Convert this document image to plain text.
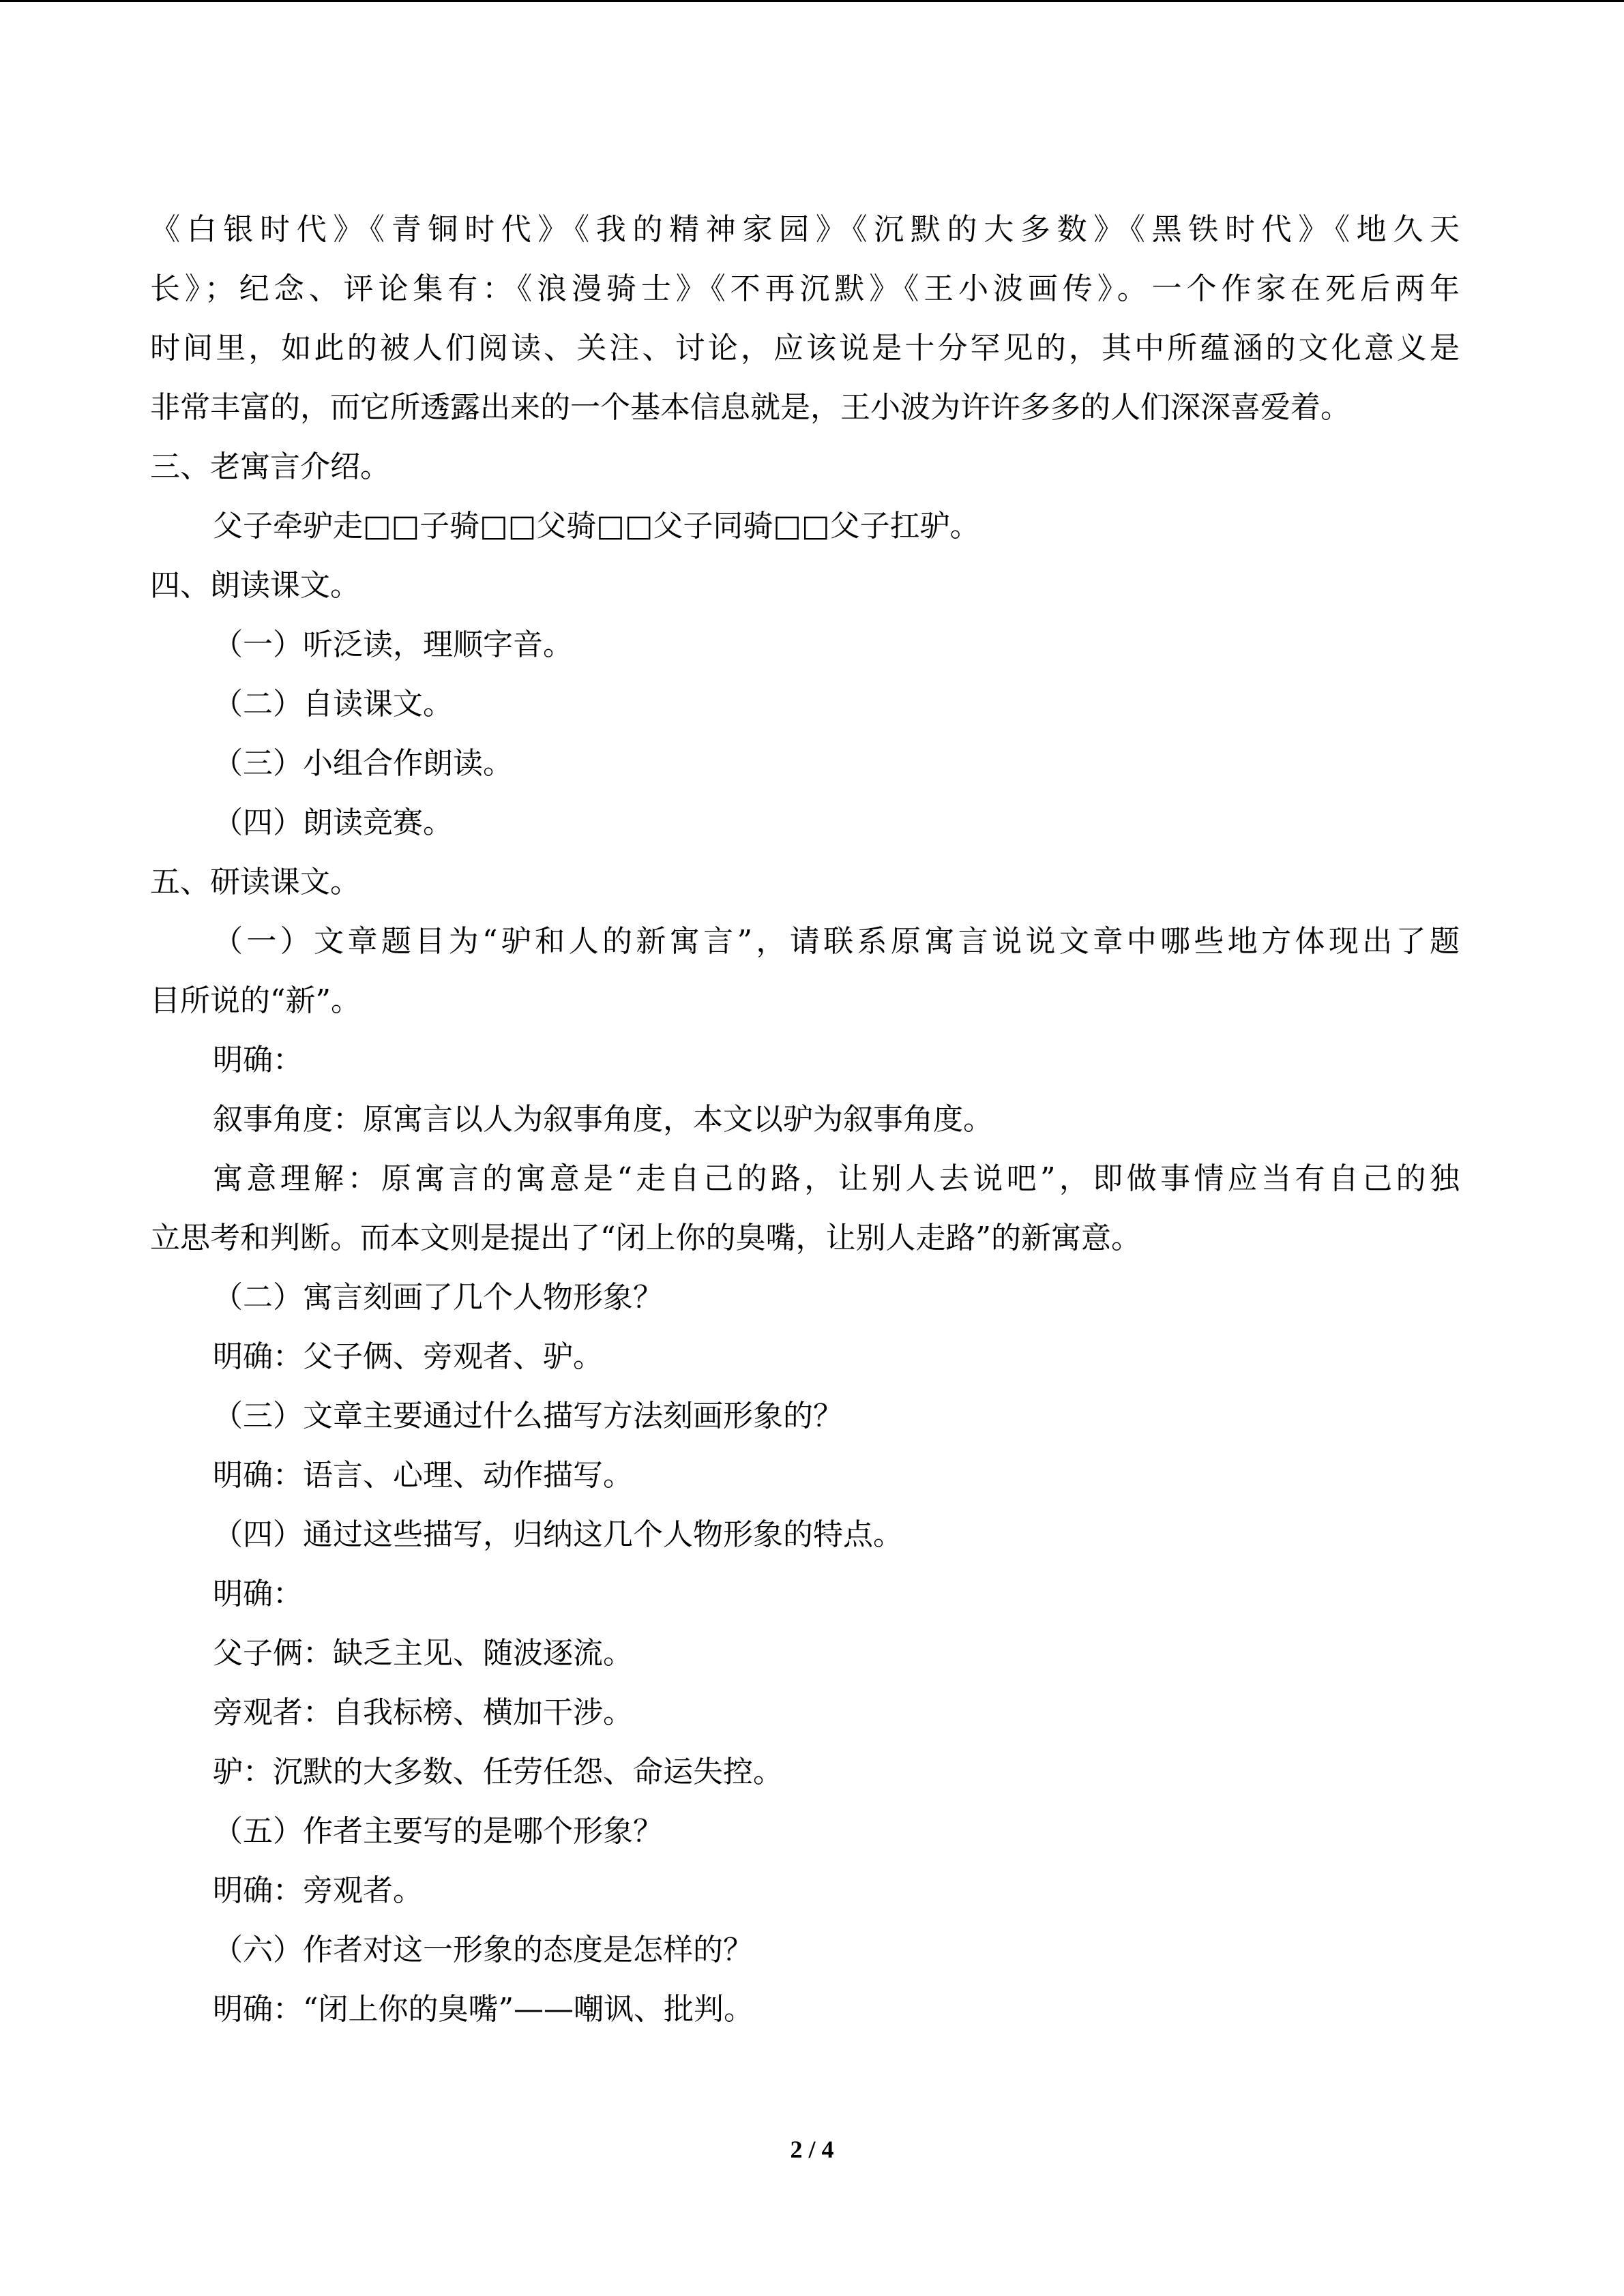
《白银时代》《青铜时代》《我的精神家园》《沉默的大多数》《黑铁时代》《地久天
长》；纪念、评论集有：《浪漫骑士》《不再沉默》《王小波画传》。一个作家在死后两年
时间里，如此的被人们阅读、关注、讨论，应该说是十分罕见的，其中所蕴涵的文化意义是
非常丰富的，而它所透露出来的一个基本信息就是，王小波为许许多多的人们深深喜爱着。
三、老寓言介绍。
父子牵驴走□□子骑□□父骑□□父子同骑□□父子扛驴。
四、朗读课文。
（一）听泛读，理顺字音。
（二）自读课文。
（三）小组合作朗读。
（四）朗读竞赛。
五、研读课文。
（一）文章题目为“驴和人的新寓言”，请联系原寓言说说文章中哪些地方体现出了题
目所说的“新”。
明确：
叙事角度：原寓言以人为叙事角度，本文以驴为叙事角度。
寓意理解：原寓言的寓意是“走自己的路，让别人去说吧”，即做事情应当有自己的独
立思考和判断。而本文则是提出了“闭上你的臭嘴，让别人走路”的新寓意。
（二）寓言刻画了几个人物形象？
明确：父子俩、旁观者、驴。
（三）文章主要通过什么描写方法刻画形象的？
明确：语言、心理、动作描写。
（四）通过这些描写，归纳这几个人物形象的特点。
明确：
父子俩：缺乏主见、随波逐流。
旁观者：自我标榜、横加干涉。
驴：沉默的大多数、任劳任怨、命运失控。
（五）作者主要写的是哪个形象？
明确：旁观者。
（六）作者对这一形象的态度是怎样的？
明确：“闭上你的臭嘴”——嘲讽、批判。
2 / 4
